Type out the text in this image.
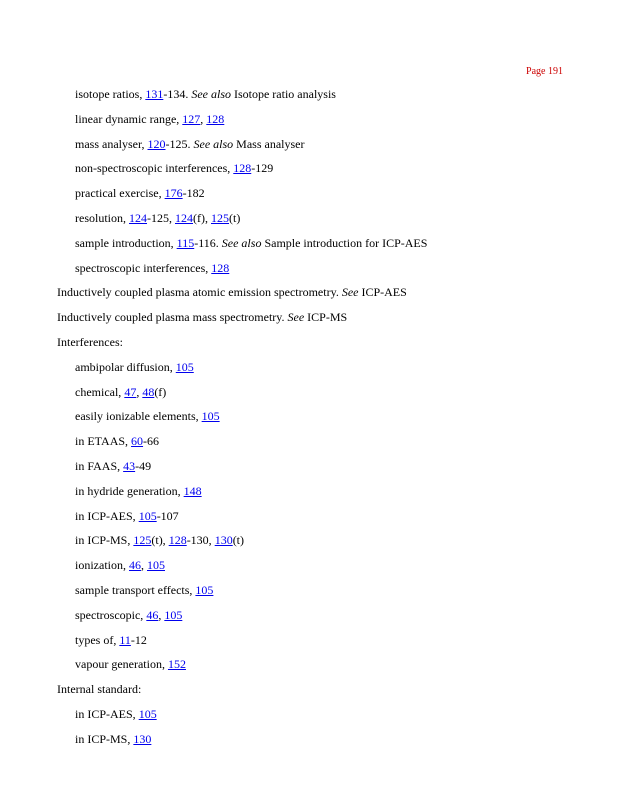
Page 191
isotope ratios, 131-134. See also Isotope ratio analysis
linear dynamic range, 127, 128
mass analyser, 120-125. See also Mass analyser
non-spectroscopic interferences, 128-129
practical exercise, 176-182
resolution, 124-125, 124(f), 125(t)
sample introduction, 115-116. See also Sample introduction for ICP-AES
spectroscopic interferences, 128
Inductively coupled plasma atomic emission spectrometry. See ICP-AES
Inductively coupled plasma mass spectrometry. See ICP-MS
Interferences:
ambipolar diffusion, 105
chemical, 47, 48(f)
easily ionizable elements, 105
in ETAAS, 60-66
in FAAS, 43-49
in hydride generation, 148
in ICP-AES, 105-107
in ICP-MS, 125(t), 128-130, 130(t)
ionization, 46, 105
sample transport effects, 105
spectroscopic, 46, 105
types of, 11-12
vapour generation, 152
Internal standard:
in ICP-AES, 105
in ICP-MS, 130
